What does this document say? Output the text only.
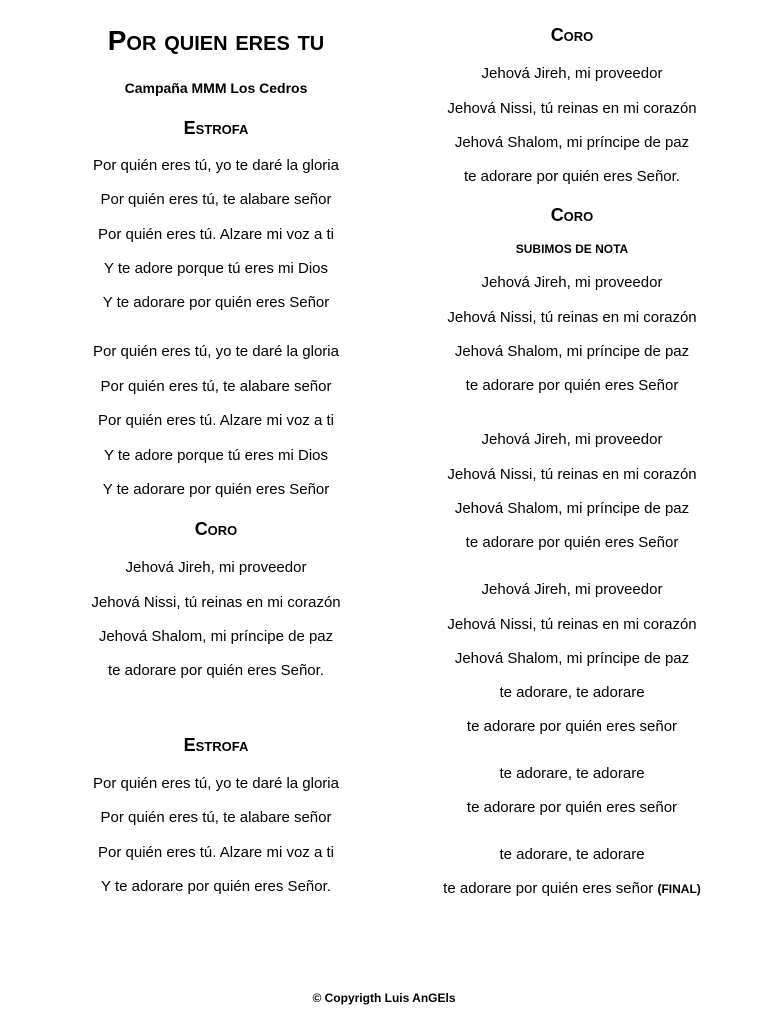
Por quien eres tu
Campaña MMM Los Cedros
Estrofa
Por quién eres tú, yo te daré la gloria
Por quién eres tú, te alabare señor
Por quién eres tú. Alzare mi voz a ti
Y te adore porque tú eres mi Dios
Y te adorare por quién eres Señor
Por quién eres tú, yo te daré la gloria
Por quién eres tú, te alabare señor
Por quién eres tú. Alzare mi voz a ti
Y te adore porque tú eres mi Dios
Y te adorare por quién eres Señor
Coro
Jehová Jireh, mi proveedor
Jehová Nissi, tú reinas en mi corazón
Jehová Shalom, mi príncipe de paz
te adorare por quién eres Señor.
Estrofa
Por quién eres tú, yo te daré la gloria
Por quién eres tú, te alabare señor
Por quién eres tú. Alzare mi voz a ti
Y te adorare por quién eres Señor.
Coro
Jehová Jireh, mi proveedor
Jehová Nissi, tú reinas en mi corazón
Jehová Shalom, mi príncipe de paz
te adorare por quién eres Señor.
Coro
SUBIMOS DE NOTA
Jehová Jireh, mi proveedor
Jehová Nissi, tú reinas en mi corazón
Jehová Shalom, mi príncipe de paz
te adorare por quién eres Señor
Jehová Jireh, mi proveedor
Jehová Nissi, tú reinas en mi corazón
Jehová Shalom, mi príncipe de paz
te adorare por quién eres Señor
Jehová Jireh, mi proveedor
Jehová Nissi, tú reinas en mi corazón
Jehová Shalom, mi príncipe de paz
te adorare, te adorare
te adorare por quién eres señor
te adorare, te adorare
te adorare por quién eres señor
te adorare, te adorare
te adorare por quién eres señor (FINAL)
© Copyrigth Luis AnGEls
